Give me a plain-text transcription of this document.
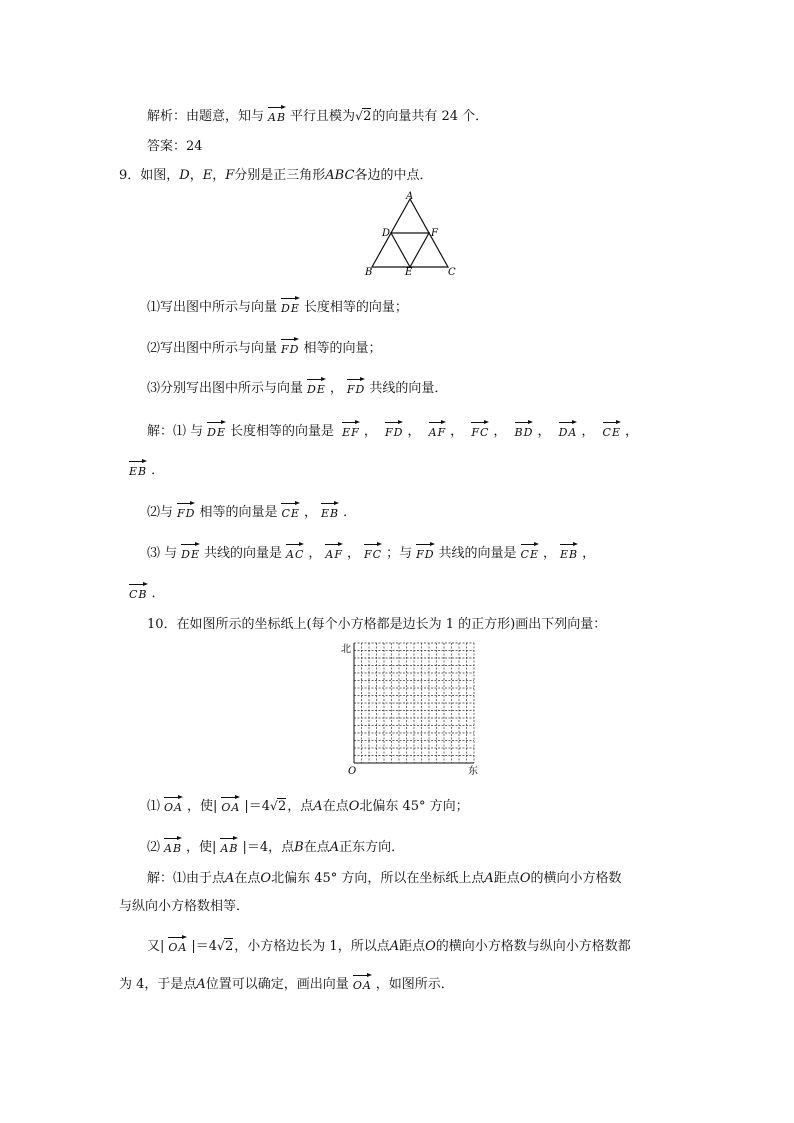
解析：由题意，知与 AB 平行且模为 √ 2的向量共有 24 个．
答案：24
9．如图，D，E，F分别是正三角形ABC各边的中点．
A
D	F
B	E	C
⑴写出图中所示与向量 DE 长度相等的向量；
⑵写出图中所示与向量 FD 相等的向量；
⑶分别写出图中所示与向量 DE ， FD 共线的向量．
解：⑴ 与 DE 长度相等的向量是 EF ， FD ， AF ， FC ， BD ， DA ， CE ，
EB ．
⑵与 FD 相等的向量是 CE ， EB ．
⑶ 与 DE 共线的向量是 AC ， AF ， FC ；与 FD 共线的向量是 CE ， EB ，
CB ．
10．在如图所示的坐标纸上(每个小方格都是边长为 1 的正方形)画出下列向量：
北
O	东
⑴ OA ，使| OA |＝4 √ 2，点A在点O北偏东 45° 方向；
⑵ AB ，使| AB |＝4，点B在点A正东方向．
解：⑴由于点A在点O北偏东 45° 方向，所以在坐标纸上点A距点O的横向小方格数
与纵向小方格数相等．
又| OA |＝4 √ 2，小方格边长为 1，所以点A距点O的横向小方格数与纵向小方格数都
为 4，于是点A位置可以确定，画出向量 OA ，如图所示．
